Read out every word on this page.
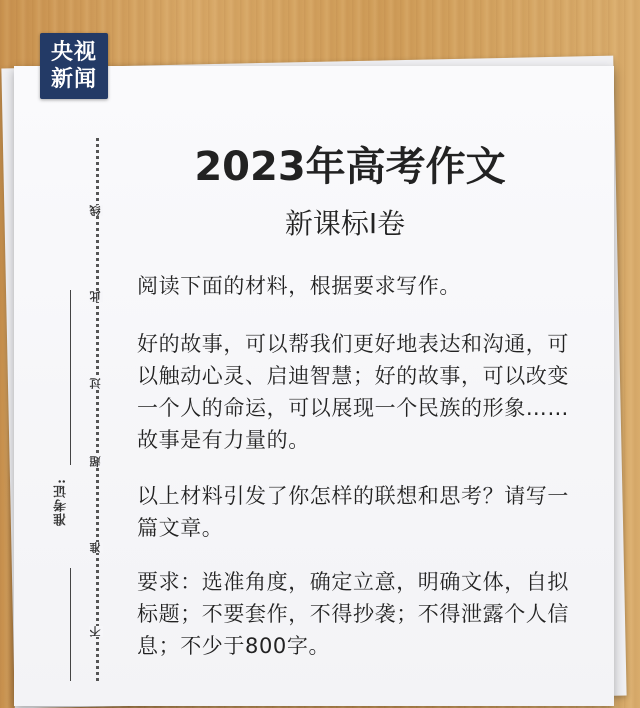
央视
新闻
线
此
过
超
准
不
准考证:
2023年高考作文
新课标I卷

阅读下面的材料，根据要求写作。

好的故事，可以帮我们更好地表达和沟通，可
以触动心灵、启迪智慧；好的故事，可以改变
一个人的命运，可以展现一个民族的形象……
故事是有力量的。

以上材料引发了你怎样的联想和思考？请写一
篇文章。

要求：选准角度，确定立意，明确文体，自拟
标题；不要套作，不得抄袭；不得泄露个人信
息；不少于800字。
